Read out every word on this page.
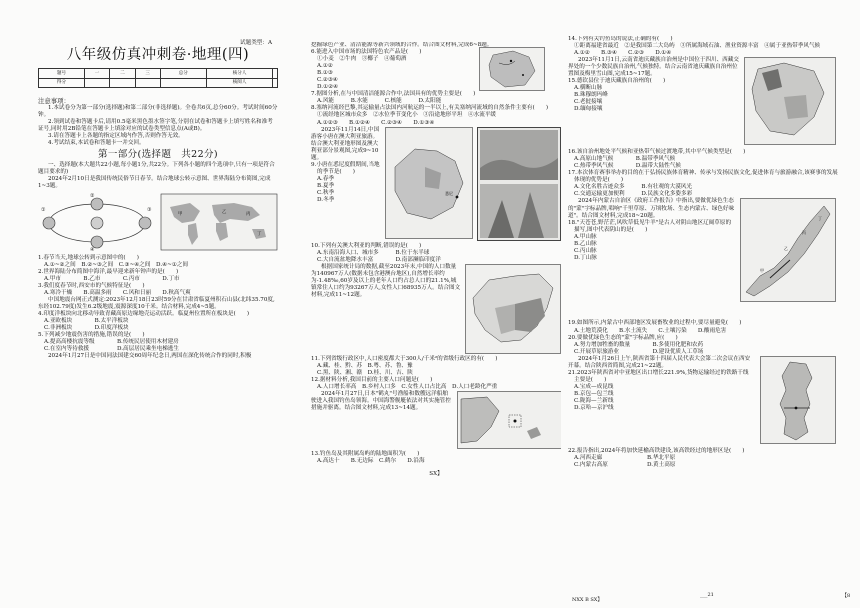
试题类型：A

八年级仿真冲刺卷·地理(四)

题号	一	二	三	总分	核分人	
得分					核阅人	

注意事项：

1.本试卷分为第一部分(选择题)和第二部分(非选择题)。全卷共6页,总分60分。考试时间60分钟。

2.领到试卷和答题卡后,请用0.5毫米黑色墨水签字笔,分别在试卷和答题卡上填写姓名和准考证号,同时用2B铅笔在答题卡上填涂对应的试卷类型信息点(A或B)。

3.请在答题卡上各题的指定区域内作答,否则作答无效。

4.考试结束,本试卷和答题卡一并交回。

第一部分(选择题　共22分)

一、选择题(本大题共22小题,每小题1分,共22分。下列各小题的四个选项中,只有一项是符合题目要求的)

2024年2月10日是我国传统民俗节日春节。结合地球公转示意图、世界海陆分布简图,完成1~3题。

①
②
③
④
甲	乙	丙
丁

1.春节当天,地球公转到示意图中的(　　)

A.①~②之间　B.②~③之间　C.③~④之间　D.④~①之间

2.世界海陆分布简图中海洋,最早迎来新年钟声的是(　　)

A.甲市　　　　B.乙市　　　　C.丙市　　　　D.丁市

3.我们度春节时,西安市的气候特征是(　　)

A.寒冷干燥　　B.高温多雨　　C.风和日丽　　D.秋高气爽

中国地震台网正式测定:2023年12月18日23时59分在甘肃省临夏州积石山县(北纬35.70度,东经102.79度)发生6.2级地震,震源深度10千米。结合材料,完成4~5题。

4.印度洋板块向北移动导致青藏高原边缘地壳运动活跃。临夏州位置所在板块是(　　)

A.亚欧板块　　　　B.太平洋板块

C.非洲板块　　　　D.印度洋板块

5.下列减少地震伤害的措施,错误的是(　　)

A.提高高楼抗震等级　　　　B.传统民居使用木材建房

C.在室内等待救援　　　　　D.高层居民乘坐电梯逃生

2024年1月27日是中国同法国建交60周年纪念日,两国在深化传统合作的同时,积极

挖掘绿色产业、清洁能源等新兴领域的合作。结合图文材料,完成6~8题。

6.能进入中国市场的法国特色农产品是(　　)

①小麦　②牛肉　③椰子　④葡萄酒

A.①②

B.①③

C.②③④

D.①②④

7.据图分析,在与中国清洁能源合作中,法国具有的优势主要是(　　)

A.风能　　　B.水能　　　C.核能　　　D.太阳能

8.塞纳河流经巴黎,其运输量占法国内河航运的一半以上,有关塞纳河流域的自然条件主要有(　　)

①流经地区城市众多　②水位季节变化小　③沿途地形平坦　④水流平缓

A.①②③　　B.①②④　　C.②③④　　D.①③④

2023年11月14日,中国游客小唐在澳大利亚旅游。结合澳大利亚地形图及澳大利亚部分景观图,完成9~10题。

9.小唐在悉尼度假期间,当地的季节是(　　)

A.春季

B.夏季

C.秋季

D.冬季

悉尼

10.下列有关澳大利亚的判断,错误的是(　　)

A.东南沿海人口、城市多　　　B.位于东半球

C.大自流盆地降水丰富　　　　D.南部濒临印度洋

根据国家统计局的数据,截至2023年末,中国的人口数量为140967万人(数据未包含港澳台地区),自然增长率约为-1.48‰,60岁及以上的老年人口约占总人口的21.1%,城镇常住人口约为93267万人,女性人口68935万人。结合图文材料,完成11~12题。

11.下列省级行政区中,人口密度都大于300人/千米²的省级行政区的有(　　)

A.藏、桂、黔、苏　B.粤、苏、鲁、豫

C.黑、陕、湘、赣　D.桂、川、吉、陕

12.据材料分析,我国目前的主要人口问题是(　　)

A.人口增长率高　B.乡村人口多　C.女性人口占比高　D.人口老龄化严重

2024年1月27日,日本"鹤丸"号渔船和数艘远洋船舶驶进入我国钓鱼岛领海。中国海警舰艇依法对其实施管控措施并驱离。结合图文材料,完成13~14题。

13.钓鱼岛及其附属岛屿的陆地面积为(　　)

A.高达十　　B.无边际　C.鹤尔　　D.沿海

SX】

14.下列有关钓鱼岛的说法,正确的有(　　)

①距离福建省最近　②是我国第二大岛屿　③所属海域石油、渔业资源丰富　④属于亚热带季风气候

A.①②　　B.③④　　C.②③　　D.①④

2023年11月1日,云南省迪庆藏族自治州是中国位于四川、西藏交界处的一个少数民族自治州,气候独特。结合云南省迪庆藏族自治州位置图及梅里雪山图,完成15~17题。

15.德钦县位于迪庆藏族自治州的(　　)

A.横断山脉

B.珠穆朗玛峰

C.老挝接壤

D.缅甸接壤

16.该自治州地处平气候和亚热带气候过渡地带,其中平气候类型是(　　)

A.高原山地气候　　　　B.温带季风气候

C.热带季风气候　　　　D.温带大陆性气候

17.本次体育赛事举办的目的在于弘扬民族体育精神、传承与发扬民族文化,促进体育与旅游融合,该赛事的发展体现的优势是(　　)

A.文化名胜古迹众多　　　B.有壮观的大漠风光

C.交通运输更加便利　　　D.民族文化多姿多彩

2024年内蒙古自治区《政府工作报告》中指出,要做优绿色生态的"蒙"字标品牌,唱响"千里草原、万顷牧场、生态内蒙古、绿色好味道"。结合图文材料,完成18~20题。

18."天苍苍,野茫茫,风吹草低见牛羊"是古人对阴山地区辽阔草原的描写,图中代表阴山的是(　　)

A.甲山脉

B.乙山脉

C.丙山脉

D.丁山脉

甲
乙
丙
丁

19.如图所示,内蒙古中西部地区发展畜牧业的过程中,要尽量避免(　　)

A.土地荒漠化　　B.水土流失　　C.土壤污染　　D.酸雨危害

20.要做优绿色生态的"蒙"字标品牌,应(　　)

A.努力增加牲畜的数量　　　　B.多使用化肥和农药

C.开展草原旅游业　　　　　　D.建设优质人工草场

2024年1月26日上午,陕西省第十四届人民代表大会第二次会议在西安开幕。结合陕西省简图,完成21~22题。

21.2023年陕西省对中亚地区出口增长221.9%,货物运输经过的铁路干线主要是(　　)

A.宝成—成昆线

B.京包—包兰线

C.陇海—兰新线

D.京哈—京沪线

22.报告指出,2024年将加快延榆高铁建设,该高铁经过的地形区是(　　)

A.河西走廊　　　　　　　　B.华北平原

C.内蒙古高原　　　　　　　D.黄土高原

NXX B SX】
___21	【8
